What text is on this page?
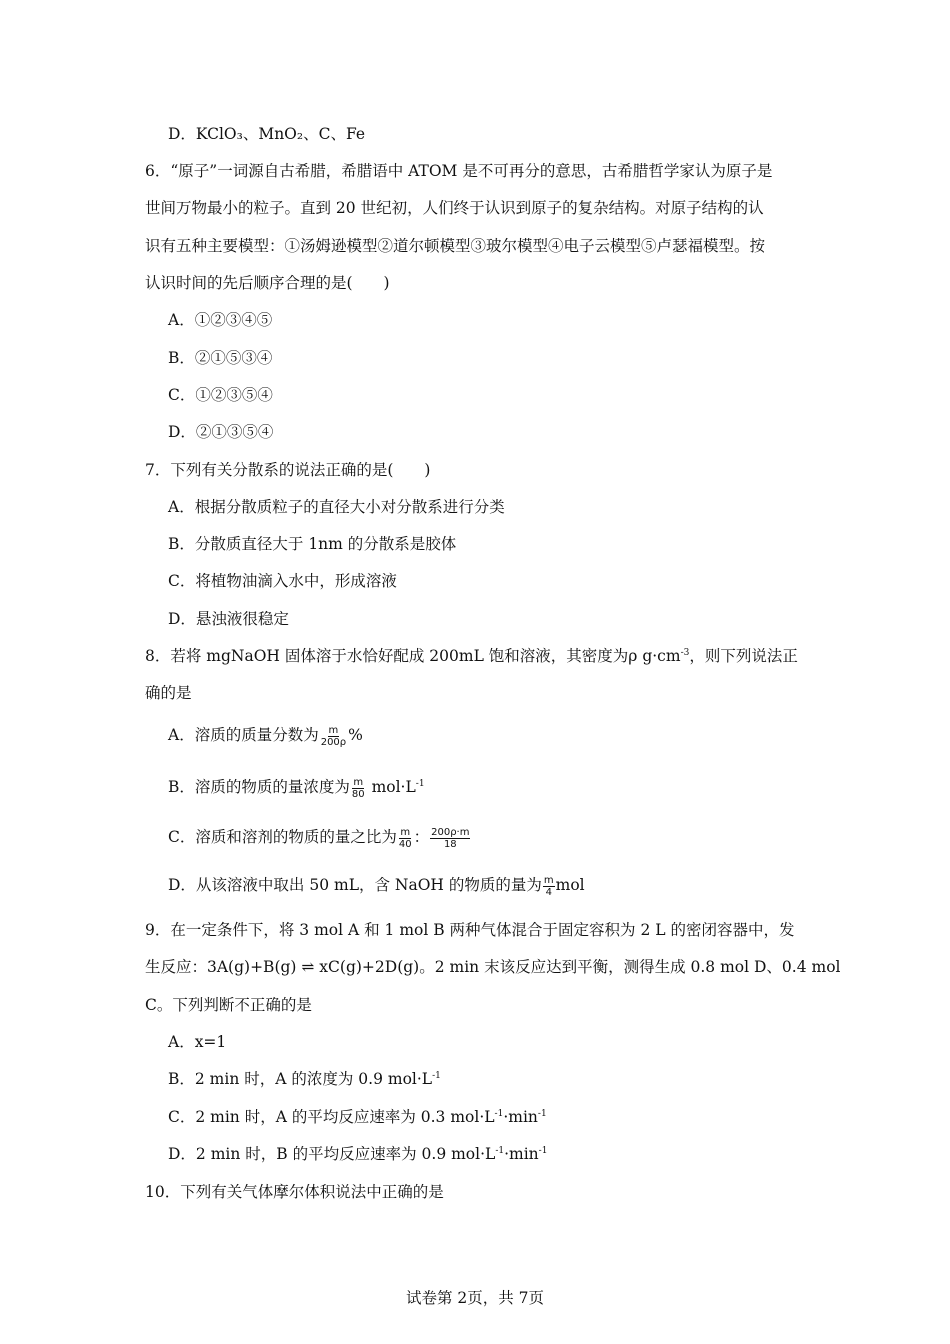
D．KClO₃、MnO₂、C、Fe
6．“原子”一词源自古希腊，希腊语中 ATOM 是不可再分的意思，古希腊哲学家认为原子是
世间万物最小的粒子。直到 20 世纪初，人们终于认识到原子的复杂结构。对原子结构的认
识有五种主要模型：①汤姆逊模型②道尔顿模型③玻尔模型④电子云模型⑤卢瑟福模型。按
认识时间的先后顺序合理的是(　　)
A．①②③④⑤
B．②①⑤③④
C．①②③⑤④
D．②①③⑤④
7．下列有关分散系的说法正确的是(　　)
A．根据分散质粒子的直径大小对分散系进行分类
B．分散质直径大于 1nm 的分散系是胶体
C．将植物油滴入水中，形成溶液
D．悬浊液很稳定
8．若将 mgNaOH 固体溶于水恰好配成 200mL 饱和溶液，其密度为ρ $g\cdot cm^{-3}$，则下列说法正
确的是
A．溶质的质量分数为 $\frac{m}{200\rho}$ %
B．溶质的物质的量浓度为 $\frac{m}{80} mol\cdot L^{-1}$
C．溶质和溶剂的物质的量之比为 $\frac{m}{40}$ ： $\frac{200\rho\cdot m}{18}$
D．从该溶液中取出 50 mL，含 NaOH 的物质的量为 $\frac{m}{4}$ mol
9．在一定条件下，将 3 mol A 和 1 mol B 两种气体混合于固定容积为 2 L 的密闭容器中，发
生反应：3A(g)+B(g) ⇌ xC(g)+2D(g)。2 min 末该反应达到平衡，测得生成 0.8 mol D、0.4 mol
C。下列判断不正确的是
A．x=1
B．2 min 时，A 的浓度为 0.9 $mol\cdot L^{-1}$
C．2 min 时，A 的平均反应速率为 0.3 $mol\cdot L^{-1}\cdot\min^{-1}$
D．2 min 时，B 的平均反应速率为 0.9 $mol\cdot L^{-1}\cdot\min^{-1}$
10．下列有关气体摩尔体积说法中正确的是
试卷第 2页，共 7页
